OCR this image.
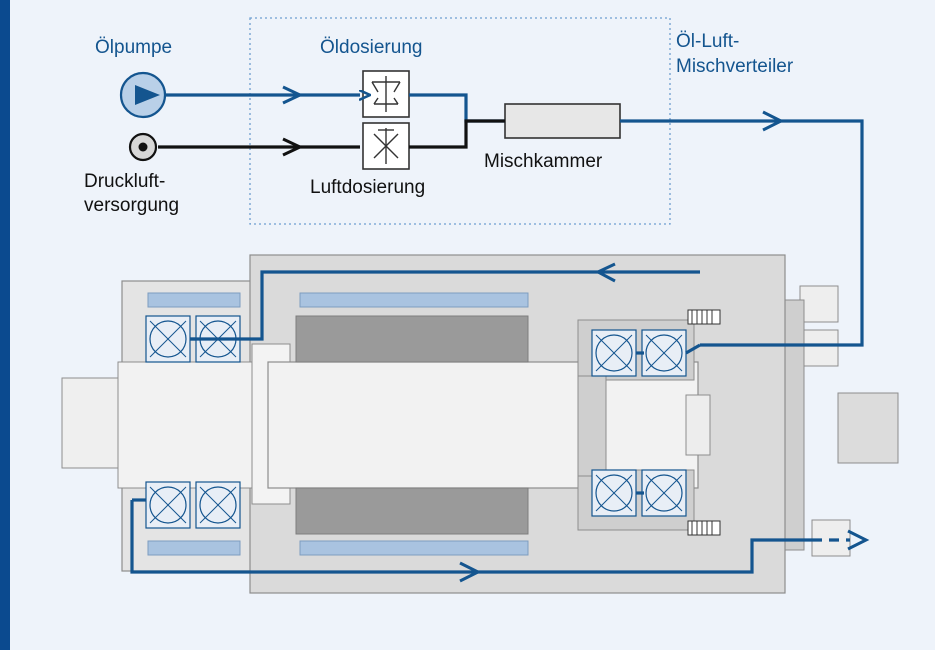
Ölpumpe	Öldosierung	Öl-Luft-
Mischverteiler
Mischkammer
Luftdosierung
Druckluft-
versorgung
